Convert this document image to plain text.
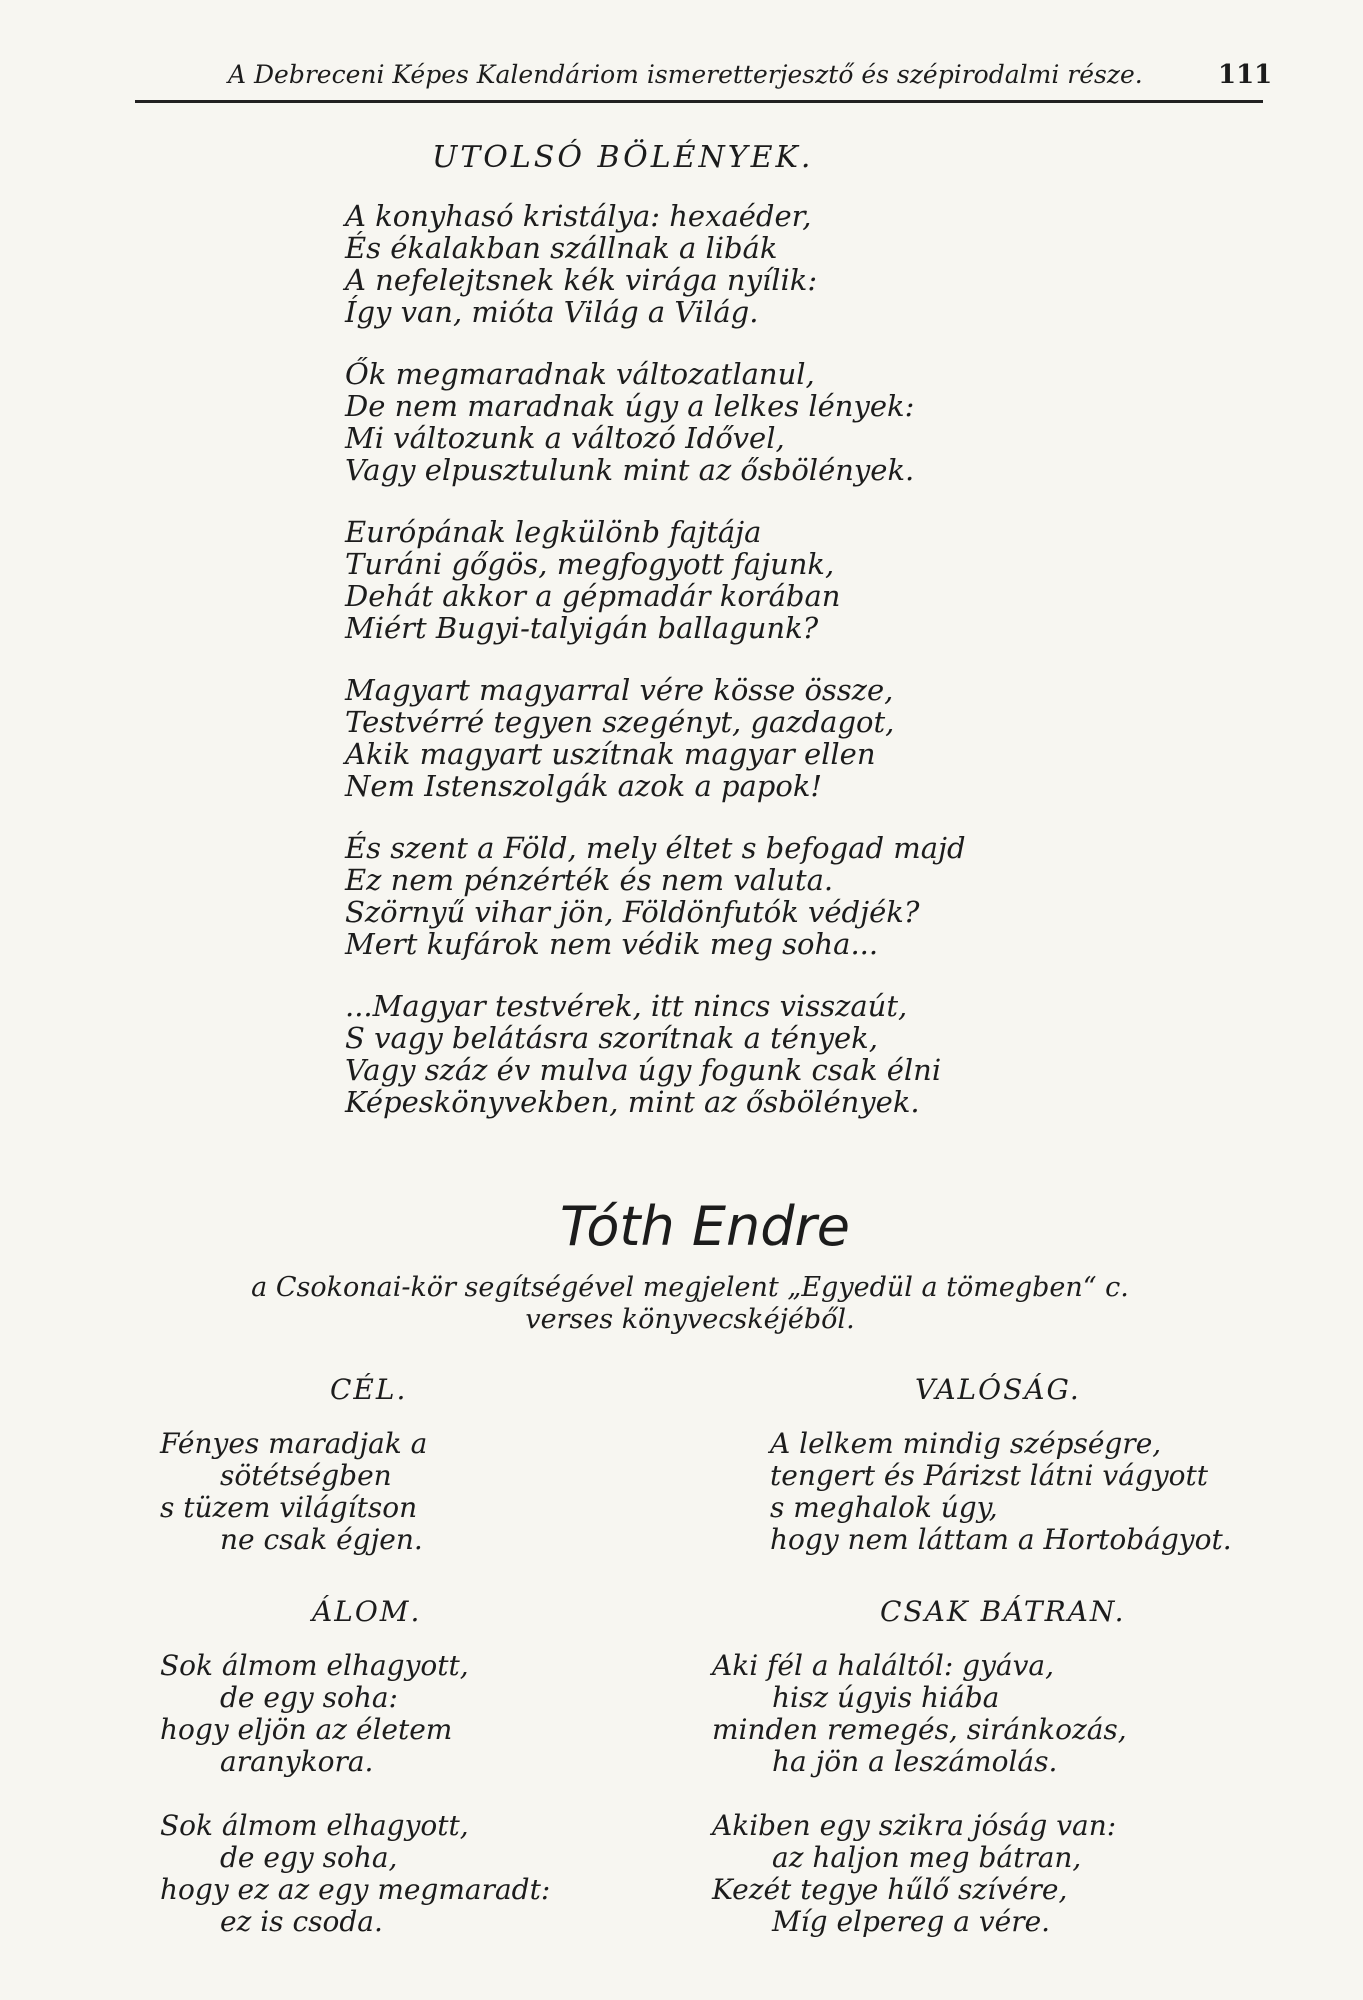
A Debreceni Képes Kalendáriom ismeretterjesztő és szépirodalmi része.	111
UTOLSÓ BÖLÉNYEK.
A konyhasó kristálya: hexaéder,
És ékalakban szállnak a libák
A nefelejtsnek kék virága nyílik:
Így van, mióta Világ a Világ.
Ők megmaradnak változatlanul,
De nem maradnak úgy a lelkes lények:
Mi változunk a változó Idővel,
Vagy elpusztulunk mint az ősbölények.
Európának legkülönb fajtája
Turáni gőgös, megfogyott fajunk,
Dehát akkor a gépmadár korában
Miért Bugyi-talyigán ballagunk?
Magyart magyarral vére kösse össze,
Testvérré tegyen szegényt, gazdagot,
Akik magyart uszítnak magyar ellen
Nem Istenszolgák azok a papok!
És szent a Föld, mely éltet s befogad majd
Ez nem pénzérték és nem valuta.
Szörnyű vihar jön, Földönfutók védjék?
Mert kufárok nem védik meg soha...
...Magyar testvérek, itt nincs visszaút,
S vagy belátásra szorítnak a tények,
Vagy száz év mulva úgy fogunk csak élni
Képeskönyvekben, mint az ősbölények.
Tóth Endre
a Csokonai-kör segítségével megjelent „Egyedül a tömegben“ c.
verses könyvecskéjéből.
CÉL.
Fényes maradjak a
sötétségben
s tüzem világítson
ne csak égjen.
VALÓSÁG.
A lelkem mindig szépségre,
tengert és Párizst látni vágyott
s meghalok úgy,
hogy nem láttam a Hortobágyot.
ÁLOM.
Sok álmom elhagyott,
de egy soha:
hogy eljön az életem
aranykora.
Sok álmom elhagyott,
de egy soha,
hogy ez az egy megmaradt:
ez is csoda.
CSAK BÁTRAN.
Aki fél a haláltól: gyáva,
hisz úgyis hiába
minden remegés, siránkozás,
ha jön a leszámolás.
Akiben egy szikra jóság van:
az haljon meg bátran,
Kezét tegye hűlő szívére,
Míg elpereg a vére.
